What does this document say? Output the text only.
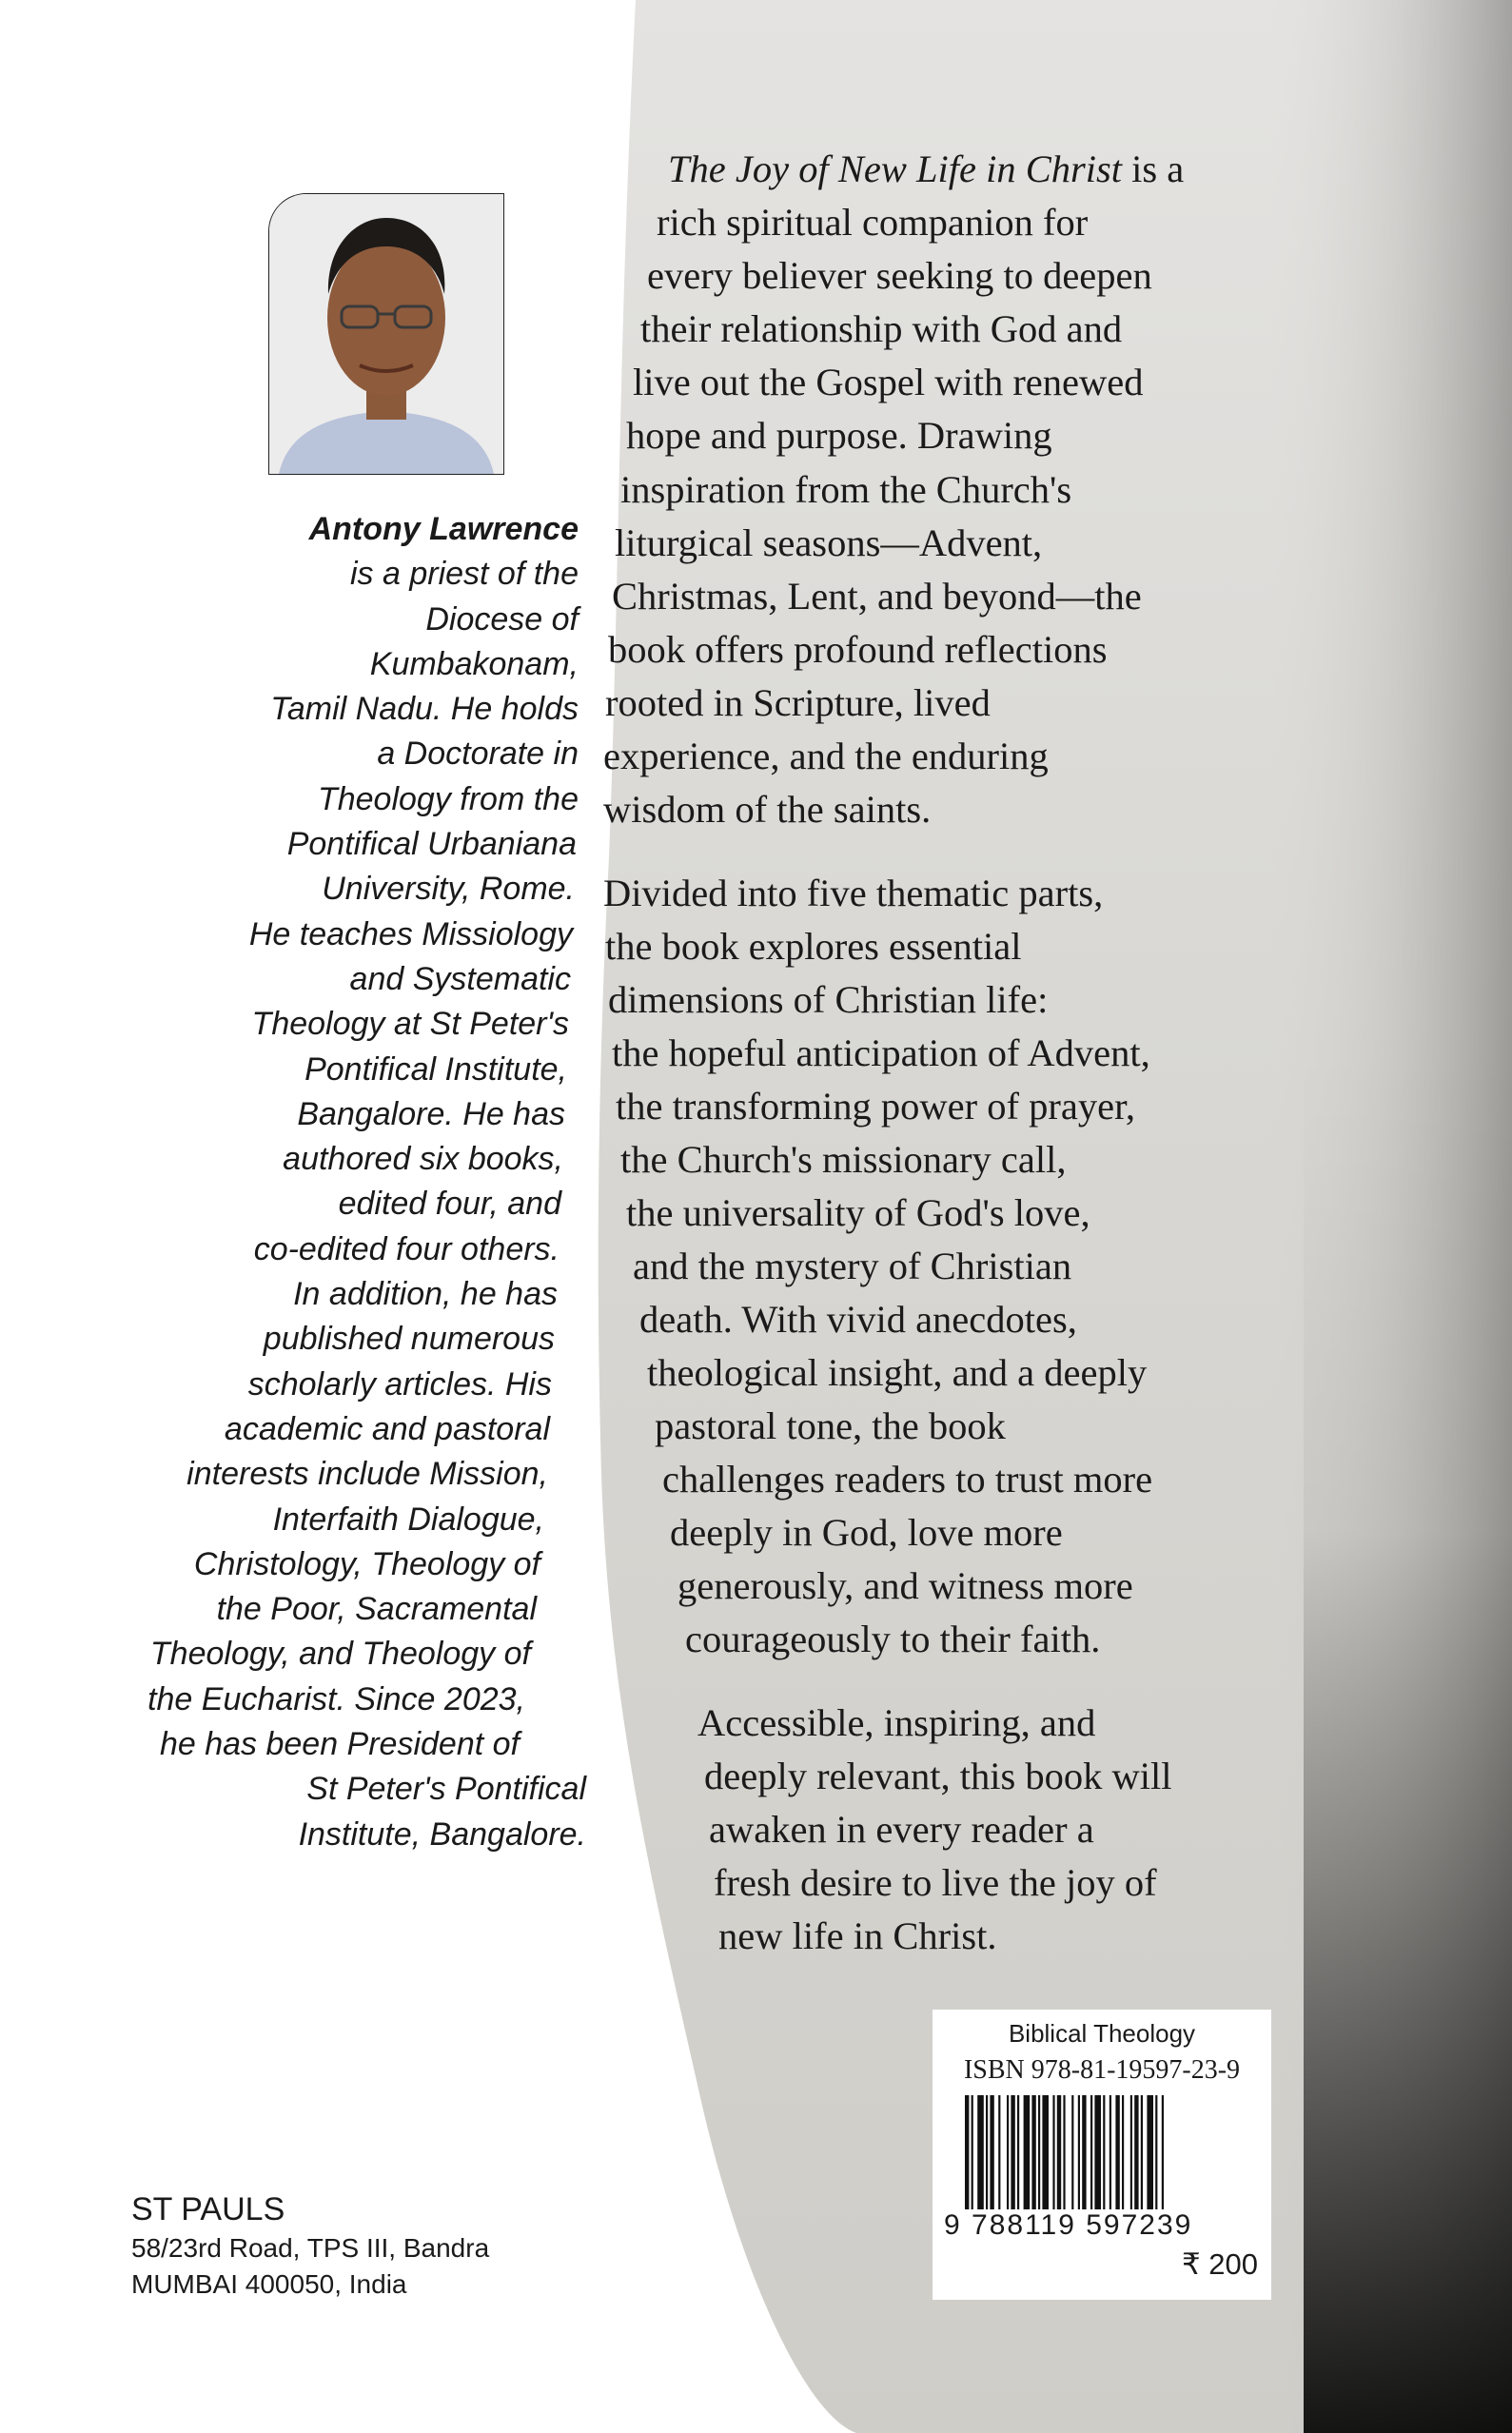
Antony Lawrence
is a priest of the
Diocese of
Kumbakonam,
Tamil Nadu. He holds
a Doctorate in
Theology from the
Pontifical Urbaniana
University, Rome.
He teaches Missiology
and Systematic
Theology at St Peter's
Pontifical Institute,
Bangalore. He has
authored six books,
edited four, and
co-edited four others.
In addition, he has
published numerous
scholarly articles. His
academic and pastoral
interests include Mission,
Interfaith Dialogue,
Christology, Theology of
the Poor, Sacramental
Theology, and Theology of
the Eucharist. Since 2023,
he has been President of
St Peter's Pontifical
Institute, Bangalore.
The Joy of New Life in Christ is a
rich spiritual companion for
every believer seeking to deepen
their relationship with God and
live out the Gospel with renewed
hope and purpose. Drawing
inspiration from the Church's
liturgical seasons—Advent,
Christmas, Lent, and beyond—the
book offers profound reflections
rooted in Scripture, lived
experience, and the enduring
wisdom of the saints.
Divided into five thematic parts,
the book explores essential
dimensions of Christian life:
the hopeful anticipation of Advent,
the transforming power of prayer,
the Church's missionary call,
the universality of God's love,
and the mystery of Christian
death. With vivid anecdotes,
theological insight, and a deeply
pastoral tone, the book
challenges readers to trust more
deeply in God, love more
generously, and witness more
courageously to their faith.
Accessible, inspiring, and
deeply relevant, this book will
awaken in every reader a
fresh desire to live the joy of
new life in Christ.
ST PAULS
58/23rd Road, TPS III, Bandra
MUMBAI 400050, India
Biblical Theology
ISBN 978-81-19597-23-9
9 788119 597239
₹ 200
